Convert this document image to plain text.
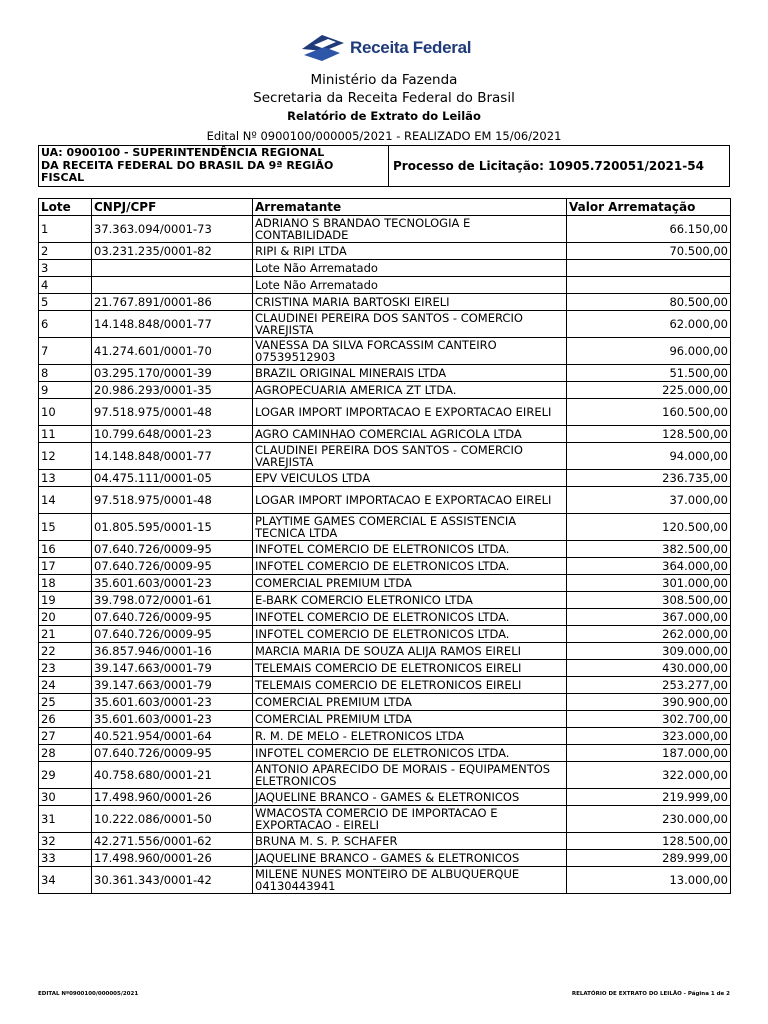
Receita Federal
Ministério da Fazenda
Secretaria da Receita Federal do Brasil
Relatório de Extrato do Leilão
Edital Nº 0900100/000005/2021 - REALIZADO EM 15/06/2021
UA: 0900100 - SUPERINTENDÊNCIA REGIONAL
DA RECEITA FEDERAL DO BRASIL DA 9ª REGIÃO
FISCAL
Processo de Licitação: 10905.720051/2021-54
Lote	CNPJ/CPF	Arrematante	Valor Arrematação
1	37.363.094/0001-73	ADRIANO S BRANDAO TECNOLOGIA E CONTABILIDADE	66.150,00
2	03.231.235/0001-82	RIPI & RIPI LTDA	70.500,00
3		Lote Não Arrematado	
4		Lote Não Arrematado	
5	21.767.891/0001-86	CRISTINA MARIA BARTOSKI EIRELI	80.500,00
6	14.148.848/0001-77	CLAUDINEI PEREIRA DOS SANTOS - COMERCIO VAREJISTA	62.000,00
7	41.274.601/0001-70	VANESSA DA SILVA FORCASSIM CANTEIRO 07539512903	96.000,00
8	03.295.170/0001-39	BRAZIL ORIGINAL MINERAIS LTDA	51.500,00
9	20.986.293/0001-35	AGROPECUARIA AMERICA ZT LTDA.	225.000,00
10	97.518.975/0001-48	LOGAR IMPORT IMPORTACAO E EXPORTACAO EIRELI	160.500,00
11	10.799.648/0001-23	AGRO CAMINHAO COMERCIAL AGRICOLA LTDA	128.500,00
12	14.148.848/0001-77	CLAUDINEI PEREIRA DOS SANTOS - COMERCIO VAREJISTA	94.000,00
13	04.475.111/0001-05	EPV VEICULOS LTDA	236.735,00
14	97.518.975/0001-48	LOGAR IMPORT IMPORTACAO E EXPORTACAO EIRELI	37.000,00
15	01.805.595/0001-15	PLAYTIME GAMES COMERCIAL E ASSISTENCIA TECNICA LTDA	120.500,00
16	07.640.726/0009-95	INFOTEL COMERCIO DE ELETRONICOS LTDA.	382.500,00
17	07.640.726/0009-95	INFOTEL COMERCIO DE ELETRONICOS LTDA.	364.000,00
18	35.601.603/0001-23	COMERCIAL PREMIUM LTDA	301.000,00
19	39.798.072/0001-61	E-BARK COMERCIO ELETRONICO LTDA	308.500,00
20	07.640.726/0009-95	INFOTEL COMERCIO DE ELETRONICOS LTDA.	367.000,00
21	07.640.726/0009-95	INFOTEL COMERCIO DE ELETRONICOS LTDA.	262.000,00
22	36.857.946/0001-16	MARCIA MARIA DE SOUZA ALIJA RAMOS EIRELI	309.000,00
23	39.147.663/0001-79	TELEMAIS COMERCIO DE ELETRONICOS EIRELI	430.000,00
24	39.147.663/0001-79	TELEMAIS COMERCIO DE ELETRONICOS EIRELI	253.277,00
25	35.601.603/0001-23	COMERCIAL PREMIUM LTDA	390.900,00
26	35.601.603/0001-23	COMERCIAL PREMIUM LTDA	302.700,00
27	40.521.954/0001-64	R. M. DE MELO - ELETRONICOS LTDA	323.000,00
28	07.640.726/0009-95	INFOTEL COMERCIO DE ELETRONICOS LTDA.	187.000,00
29	40.758.680/0001-21	ANTONIO APARECIDO DE MORAIS - EQUIPAMENTOS ELETRONICOS	322.000,00
30	17.498.960/0001-26	JAQUELINE BRANCO - GAMES & ELETRONICOS	219.999,00
31	10.222.086/0001-50	WMACOSTA COMERCIO DE IMPORTACAO E EXPORTACAO - EIRELI	230.000,00
32	42.271.556/0001-62	BRUNA M. S. P. SCHAFER	128.500,00
33	17.498.960/0001-26	JAQUELINE BRANCO - GAMES & ELETRONICOS	289.999,00
34	30.361.343/0001-42	MILENE NUNES MONTEIRO DE ALBUQUERQUE 04130443941	13.000,00
EDITAL Nº0900100/000005/2021	RELATÓRIO DE EXTRATO DO LEILÃO - Página 1 de 2
